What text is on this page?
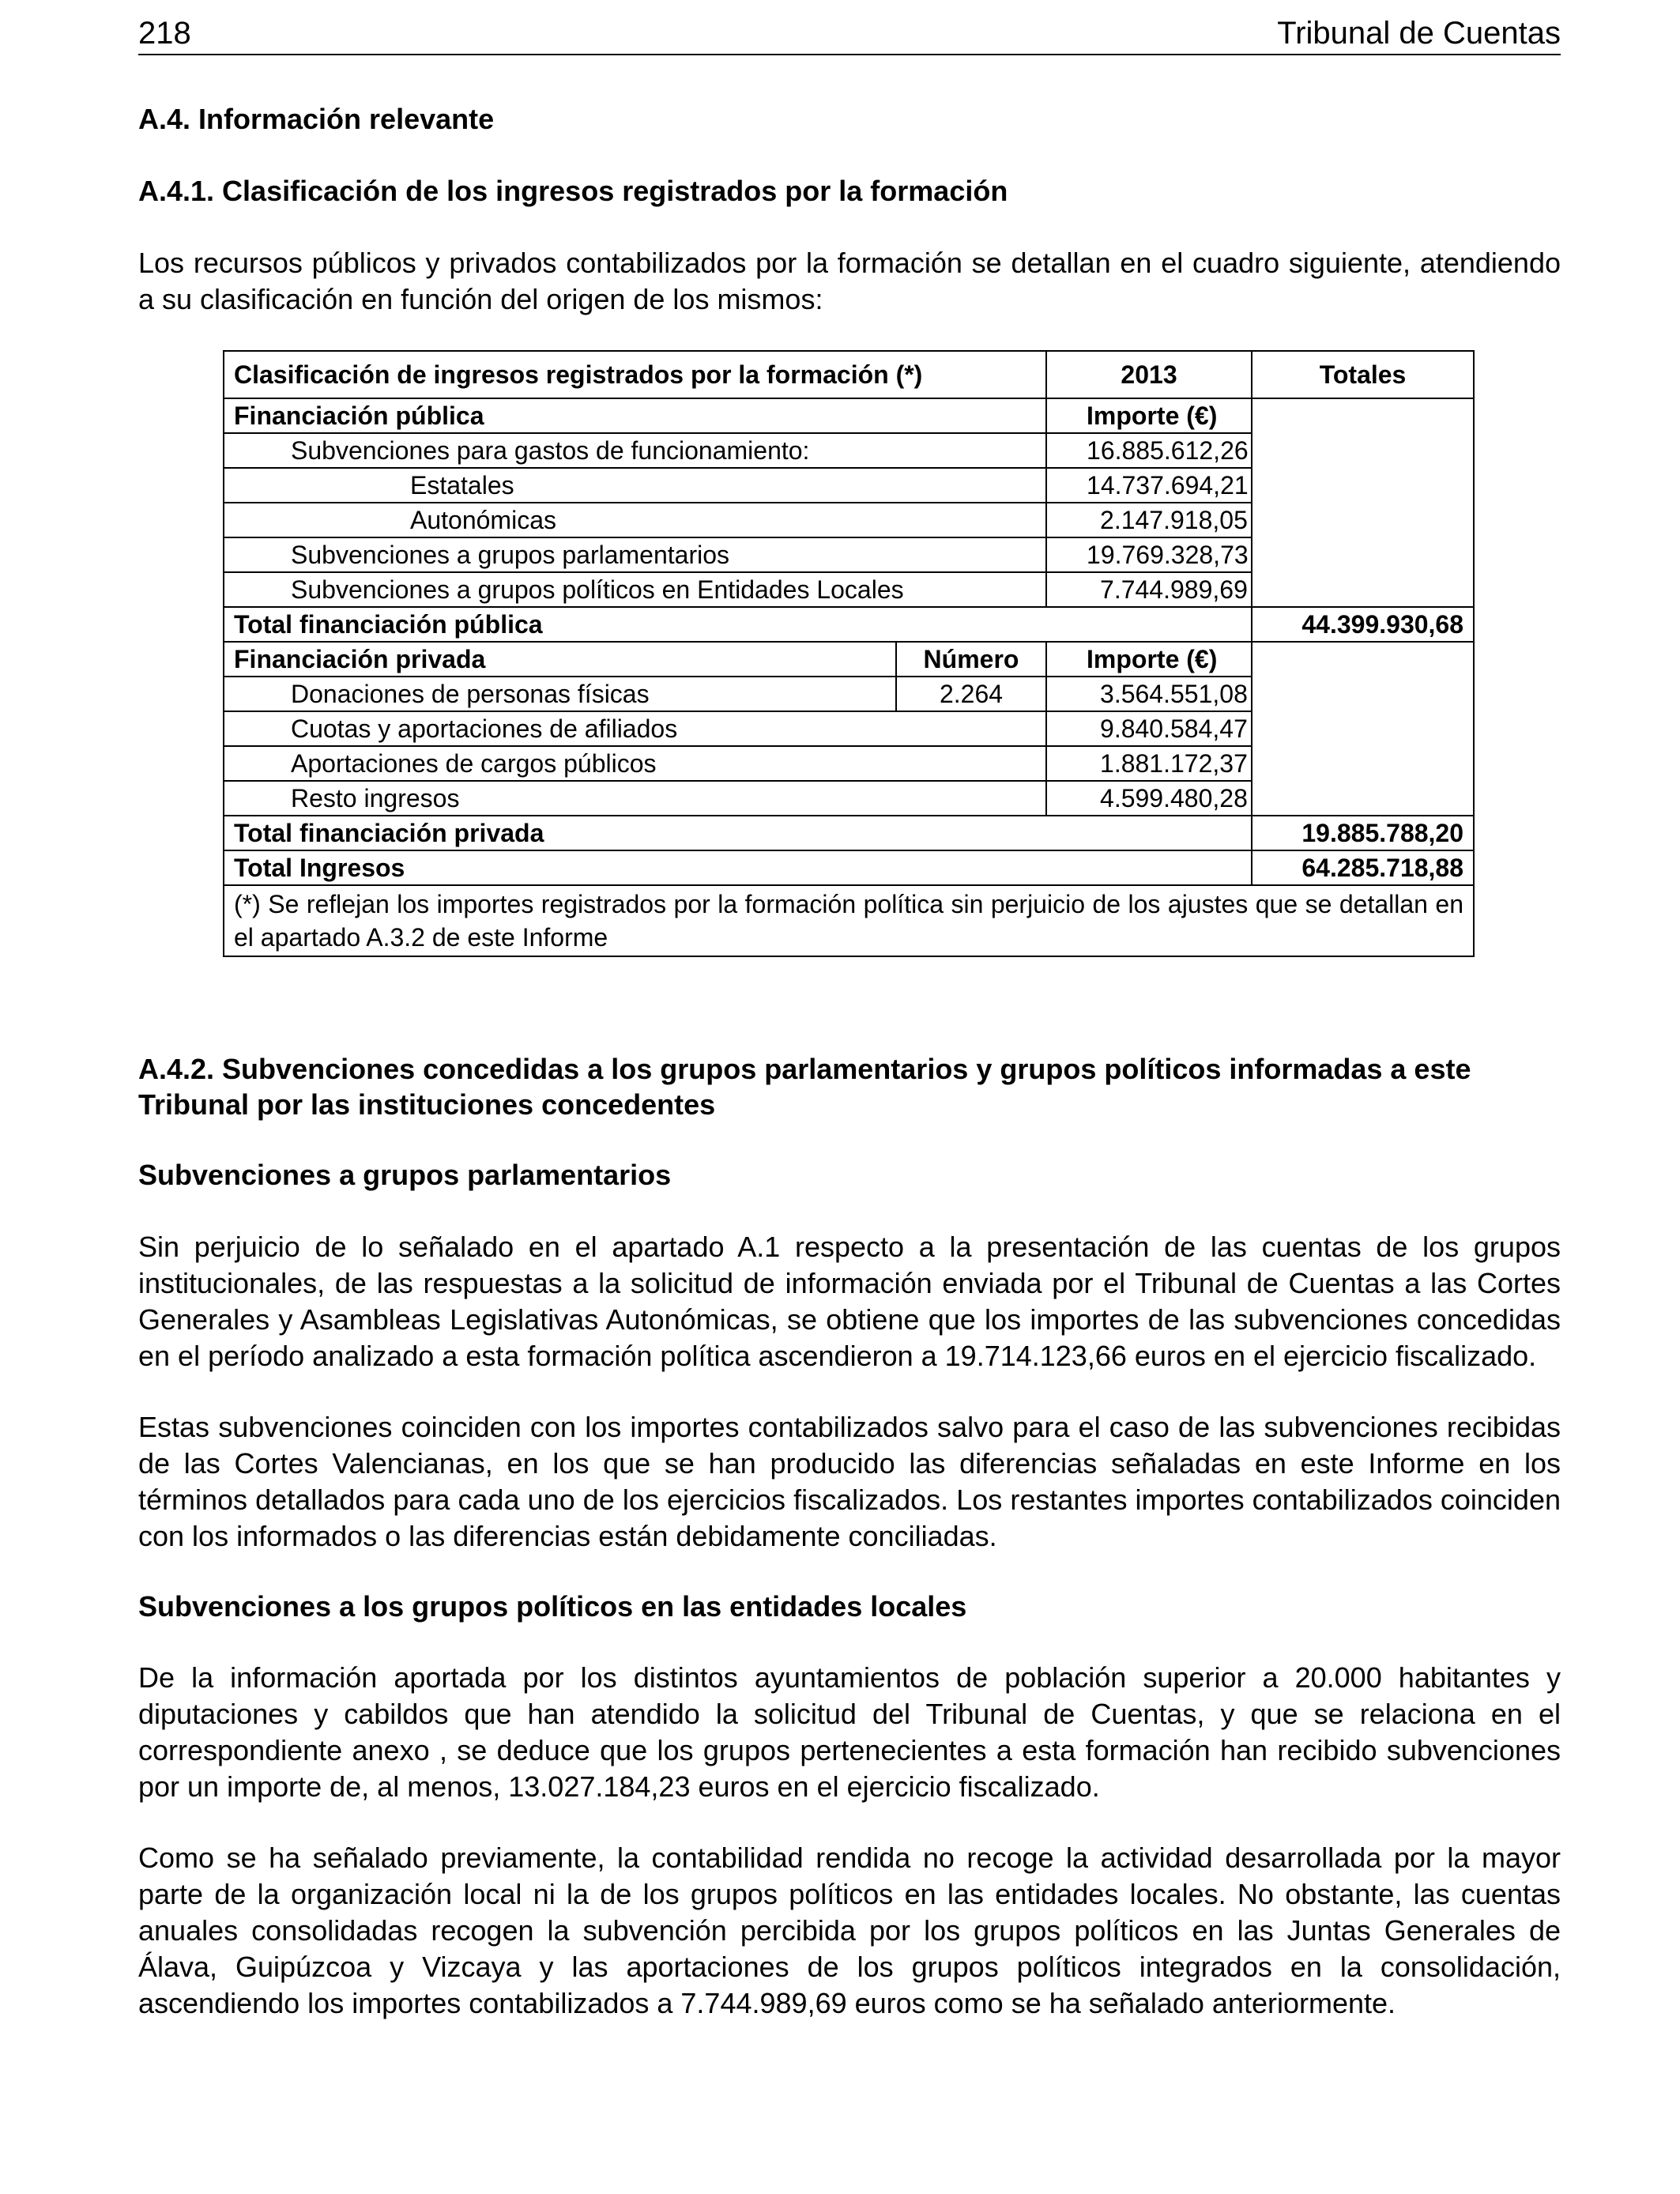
218	Tribunal de Cuentas
A.4. Información relevante
A.4.1. Clasificación de los ingresos registrados por la formación
Los recursos públicos y privados contabilizados por la formación se detallan en el cuadro siguiente, atendiendo a su clasificación en función del origen de los mismos:
Clasificación de ingresos registrados por la formación (*)		2013	Totales
Financiación pública		Importe (€)	
Subvenciones para gastos de funcionamiento:		16.885.612,26	
Estatales		14.737.694,21	
Autonómicas		2.147.918,05	
Subvenciones a grupos parlamentarios		19.769.328,73	
Subvenciones a grupos políticos en Entidades Locales		7.744.989,69	
Total financiación pública			44.399.930,68
Financiación privada	Número	Importe (€)	
Donaciones de personas físicas	2.264	3.564.551,08	
Cuotas y aportaciones de afiliados		9.840.584,47	
Aportaciones de cargos públicos		1.881.172,37	
Resto ingresos		4.599.480,28	
Total financiación privada			19.885.788,20
Total Ingresos			64.285.718,88
(*) Se reflejan los importes registrados por la formación política sin perjuicio de los ajustes que se detallan en el apartado A.3.2 de este Informe			
A.4.2. Subvenciones concedidas a los grupos parlamentarios y grupos políticos informadas a este Tribunal por las instituciones concedentes
Subvenciones a grupos parlamentarios
Sin perjuicio de lo señalado en el apartado A.1 respecto a la presentación de las cuentas de los grupos institucionales, de las respuestas a la solicitud de información enviada por el Tribunal de Cuentas a las Cortes Generales y Asambleas Legislativas Autonómicas, se obtiene que los importes de las subvenciones concedidas en el período analizado a esta formación política ascendieron a 19.714.123,66 euros en el ejercicio fiscalizado.
Estas subvenciones coinciden con los importes contabilizados salvo para el caso de las subvenciones recibidas de las Cortes Valencianas, en los que se han producido las diferencias señaladas en este Informe en los términos detallados para cada uno de los ejercicios fiscalizados. Los restantes importes contabilizados coinciden con los informados o las diferencias están debidamente conciliadas.
Subvenciones a los grupos políticos en las entidades locales
De la información aportada por los distintos ayuntamientos de población superior a 20.000 habitantes y diputaciones y cabildos que han atendido la solicitud del Tribunal de Cuentas, y que se relaciona en el correspondiente anexo , se deduce que los grupos pertenecientes a esta formación han recibido subvenciones por un importe de, al menos, 13.027.184,23 euros en el ejercicio fiscalizado.
Como se ha señalado previamente, la contabilidad rendida no recoge la actividad desarrollada por la mayor parte de la organización local ni la de los grupos políticos en las entidades locales. No obstante, las cuentas anuales consolidadas recogen la subvención percibida por los grupos políticos en las Juntas Generales de Álava, Guipúzcoa y Vizcaya y las aportaciones de los grupos políticos integrados en la consolidación, ascendiendo los importes contabilizados a 7.744.989,69 euros como se ha señalado anteriormente.
